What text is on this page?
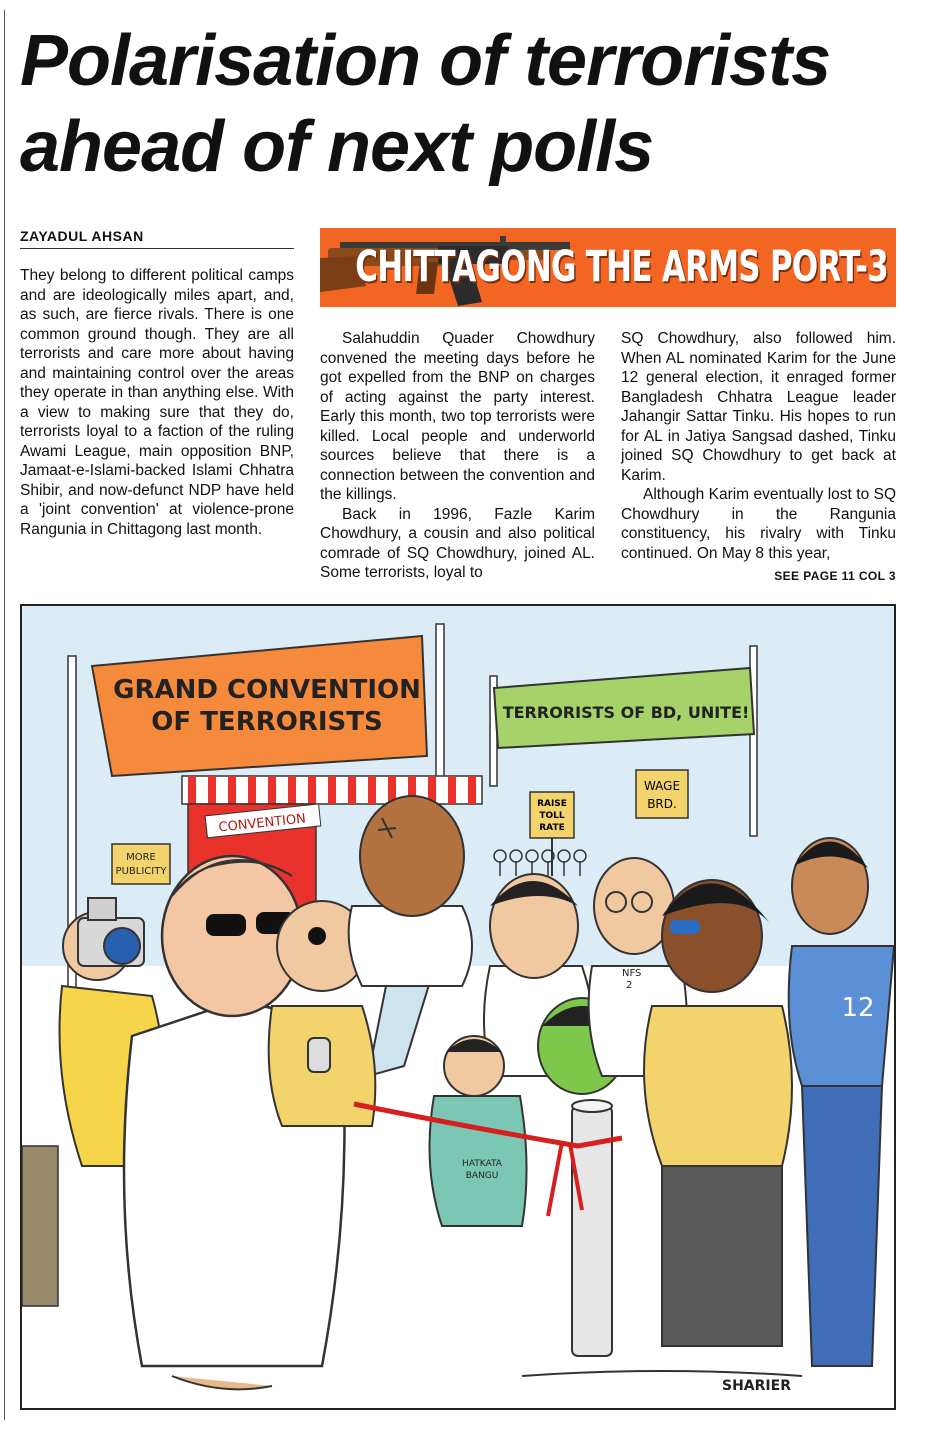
Polarisation of terrorists
ahead of next polls
ZAYADUL AHSAN
CHITTAGONG THE ARMS PORT-3

They belong to different political camps and are ideologically miles apart, and, as such, are fierce rivals. There is one common ground though. They are all terrorists and care more about having and maintaining control over the areas they operate in than anything else. With a view to making sure that they do, terrorists loyal to a faction of the ruling Awami League, main opposition BNP, Jamaat-e-Islami-backed Islami Chhatra Shibir, and now-defunct NDP have held a 'joint convention' at violence-prone Rangunia in Chittagong last month.

Salahuddin Quader Chowdhury convened the meeting days before he got expelled from the BNP on charges of acting against the party interest. Early this month, two top terrorists were killed. Local people and underworld sources believe that there is a connection between the convention and the killings.

Back in 1996, Fazle Karim Chowdhury, a cousin and also political comrade of SQ Chowdhury, joined AL. Some terrorists, loyal to

SQ Chowdhury, also followed him. When AL nominated Karim for the June 12 general election, it enraged former Bangladesh Chhatra League leader Jahangir Sattar Tinku. His hopes to run for AL in Jatiya Sangsad dashed, Tinku joined SQ Chowdhury to get back at Karim.

Although Karim eventually lost to SQ Chowdhury in the Rangunia constituency, his rivalry with Tinku continued. On May 8 this year,

SEE PAGE 11 COL 3
GRAND CONVENTION
OF TERRORISTS	TERRORISTS OF BD, UNITE!
CONVENTION
MORE
PUBLICITY
RAISE
TOLL
RATE
WAGE
BRD.
NFS
2
HATKATA
BANGU
12
SHARIER
